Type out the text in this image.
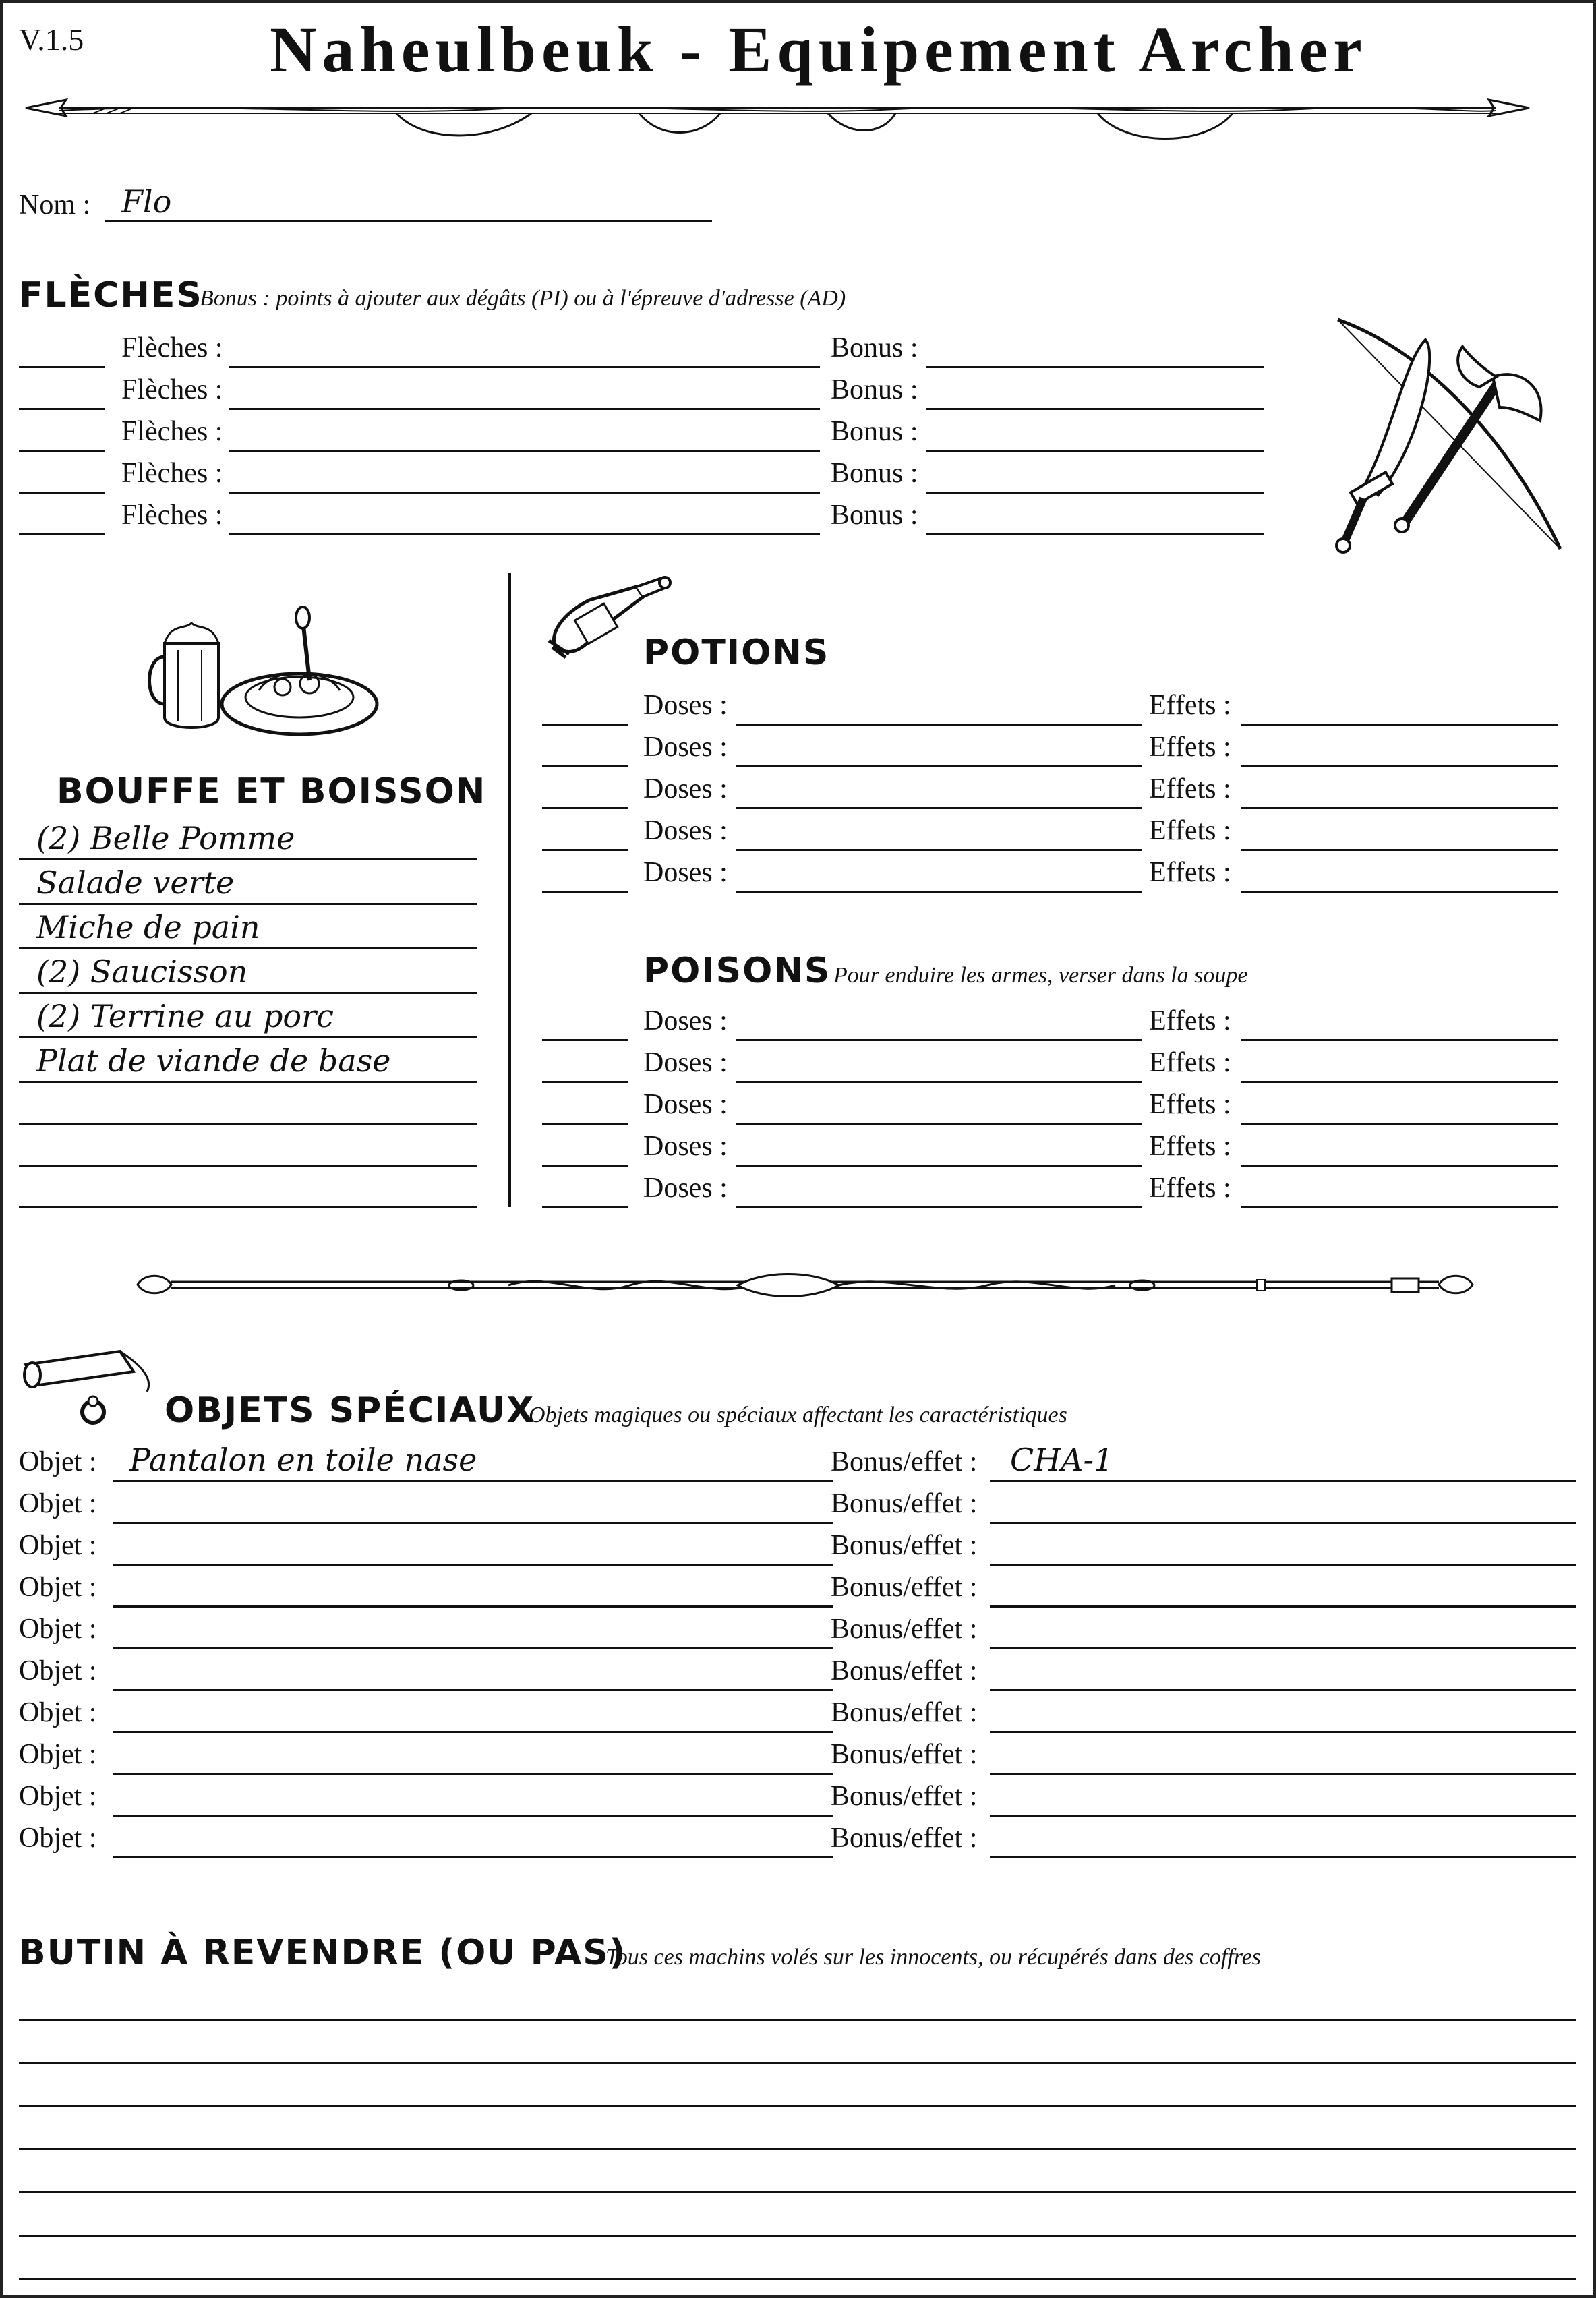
V.1.5	Naheulbeuk - Equipement Archer
Nom : Flo
FLÈCHES
Bonus : points à ajouter aux dégâts (PI) ou à l'épreuve d'adresse (AD)
Flèches :	Bonus :
Flèches :	Bonus :
Flèches :	Bonus :
Flèches :	Bonus :
Flèches :	Bonus :
BOUFFE ET BOISSON
(2) Belle Pomme
Salade verte
Miche de pain
(2) Saucisson
(2) Terrine au porc
Plat de viande de base
POTIONS
Doses :	Effets :
Doses :	Effets :
Doses :	Effets :
Doses :	Effets :
Doses :	Effets :
POISONS Pour enduire les armes, verser dans la soupe
Doses :	Effets :
Doses :	Effets :
Doses :	Effets :
Doses :	Effets :
Doses :	Effets :
OBJETS SPÉCIAUX
Objets magiques ou spéciaux affectant les caractéristiques
Objet : Pantalon en toile nase	Bonus/effet : CHA-1
Objet :	Bonus/effet :
Objet :	Bonus/effet :
Objet :	Bonus/effet :
Objet :	Bonus/effet :
Objet :	Bonus/effet :
Objet :	Bonus/effet :
Objet :	Bonus/effet :
Objet :	Bonus/effet :
Objet :	Bonus/effet :
BUTIN À REVENDRE (OU PAS)
Tous ces machins volés sur les innocents, ou récupérés dans des coffres
